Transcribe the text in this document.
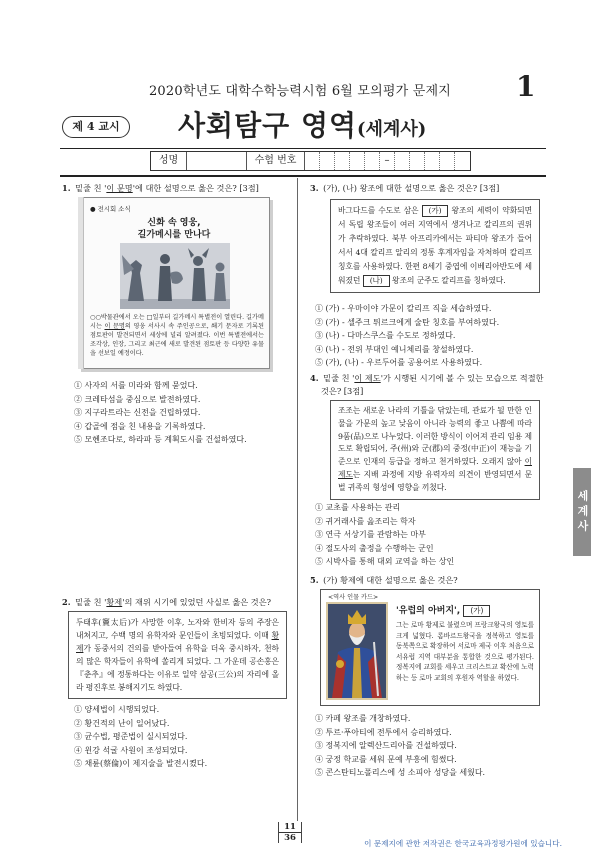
2020학년도 대학수학능력시험 6월 모의평가 문제지	1
제 4 교시	사회탐구 영역(세계사)
성명	수험 번호	–
1. 밑줄 친 '이 문명'에 대한 설명으로 옳은 것은? [3점]
● 전시회 소식
신화 속 영웅,
길가메시를 만나다
○○박물관에서 오는 □일부터 길가메시 특별전이 열린다. 길가메시는 이 문명의 영웅 서사시 속 주인공으로, 쐐기 문자로 기록된 점토판이 발견되면서 세상에 널리 알려졌다. 이번 특별전에서는 조각상, 인장, 그리고 최근에 새로 발견된 점토판 등 다양한 유물을 선보일 예정이다.
① 사자의 서를 미라와 함께 묻었다.
② 크레타섬을 중심으로 발전하였다.
③ 지구라트라는 신전을 건립하였다.
④ 갑골에 점을 친 내용을 기록하였다.
⑤ 모헨조다로, 하라파 등 계획도시를 건설하였다.
2. 밑줄 친 '황제'의 재위 시기에 있었던 사실로 옳은 것은?
두태후(竇太后)가 사망한 이후, 노자와 한비자 등의 주장은 내쳐지고, 수백 명의 유학자와 문인들이 초빙되었다. 이때 황제가 동중서의 건의를 받아들여 유학을 더욱 중시하자, 천하의 많은 학자들이 유학에 쏠리게 되었다. 그 가운데 공손홍은 『춘추』에 정통하다는 이유로 일약 삼공(三公)의 자리에 올라 평진후로 봉해지기도 하였다.
① 양세법이 시행되었다.
② 황건적의 난이 일어났다.
③ 균수법, 평준법이 실시되었다.
④ 윈강 석굴 사원이 조성되었다.
⑤ 채륜(蔡倫)이 제지술을 발전시켰다.
3. (가), (나) 왕조에 대한 설명으로 옳은 것은? [3점]
바그다드를 수도로 삼은 (가) 왕조의 세력이 약화되면서 독립 왕조들이 여러 지역에서 생겨나고 칼리프의 권위가 추락하였다. 북부 아프리카에서는 파티마 왕조가 들어서서 4대 칼리프 알리의 정통 후계자임을 자처하며 칼리프 칭호를 사용하였다. 한편 8세기 중엽에 이베리아반도에 세워졌던 (나) 왕조의 군주도 칼리프를 칭하였다.
① (가) - 우마이야 가문이 칼리프 직을 세습하였다.
② (가) - 셀주크 튀르크에게 술탄 칭호를 부여하였다.
③ (나) - 다마스쿠스를 수도로 정하였다.
④ (나) - 전위 부대인 예니체리를 창설하였다.
⑤ (가), (나) - 우르두어를 공용어로 사용하였다.
4. 밑줄 친 '이 제도'가 시행된 시기에 볼 수 있는 모습으로 적절한 것은? [3점]
조조는 새로운 나라의 기틀을 닦았는데, 관료가 될 만한 인물을 가문의 높고 낮음이 아니라 능력의 좋고 나쁨에 따라 9품(品)으로 나누었다. 이러한 방식이 이어져 관리 임용 제도로 확립되어, 주(州)와 군(郡)의 중정(中正)이 재능을 기준으로 인재의 등급을 정하고 천거하였다. 오래지 않아 이 제도는 지배 과정에 지방 유력자의 의견이 반영되면서 문벌 귀족의 형성에 영향을 끼쳤다.
① 교초를 사용하는 관리
② 귀거래사를 읊조리는 학자
③ 연극 서상기를 관람하는 마부
④ 절도사의 출정을 수행하는 군인
⑤ 시박사를 통해 대외 교역을 하는 상인
5. (가) 황제에 대한 설명으로 옳은 것은?
<역사 인물 카드>
'유럽의 아버지', (가)
그는 로마 황제로 불렸으며 프랑크왕국의 영토를 크게 넓혔다. 롬바르드왕국을 정복하고 영토를 동북쪽으로 확장하여 서로마 제국 이후 처음으로 서유럽 지역 대부분을 통합한 것으로 평가된다. 정복지에 교회를 세우고 크리스트교 확산에 노력하는 등 로마 교회의 후원자 역할을 하였다.
① 카페 왕조를 개창하였다.
② 투르·푸아티에 전투에서 승리하였다.
③ 정복지에 알렉산드리아를 건설하였다.
④ 궁정 학교를 세워 문예 부흥에 힘썼다.
⑤ 콘스탄티노폴리스에 성 소피아 성당을 세웠다.
세계사
11
36
이 문제지에 관한 저작권은 한국교육과정평가원에 있습니다.
